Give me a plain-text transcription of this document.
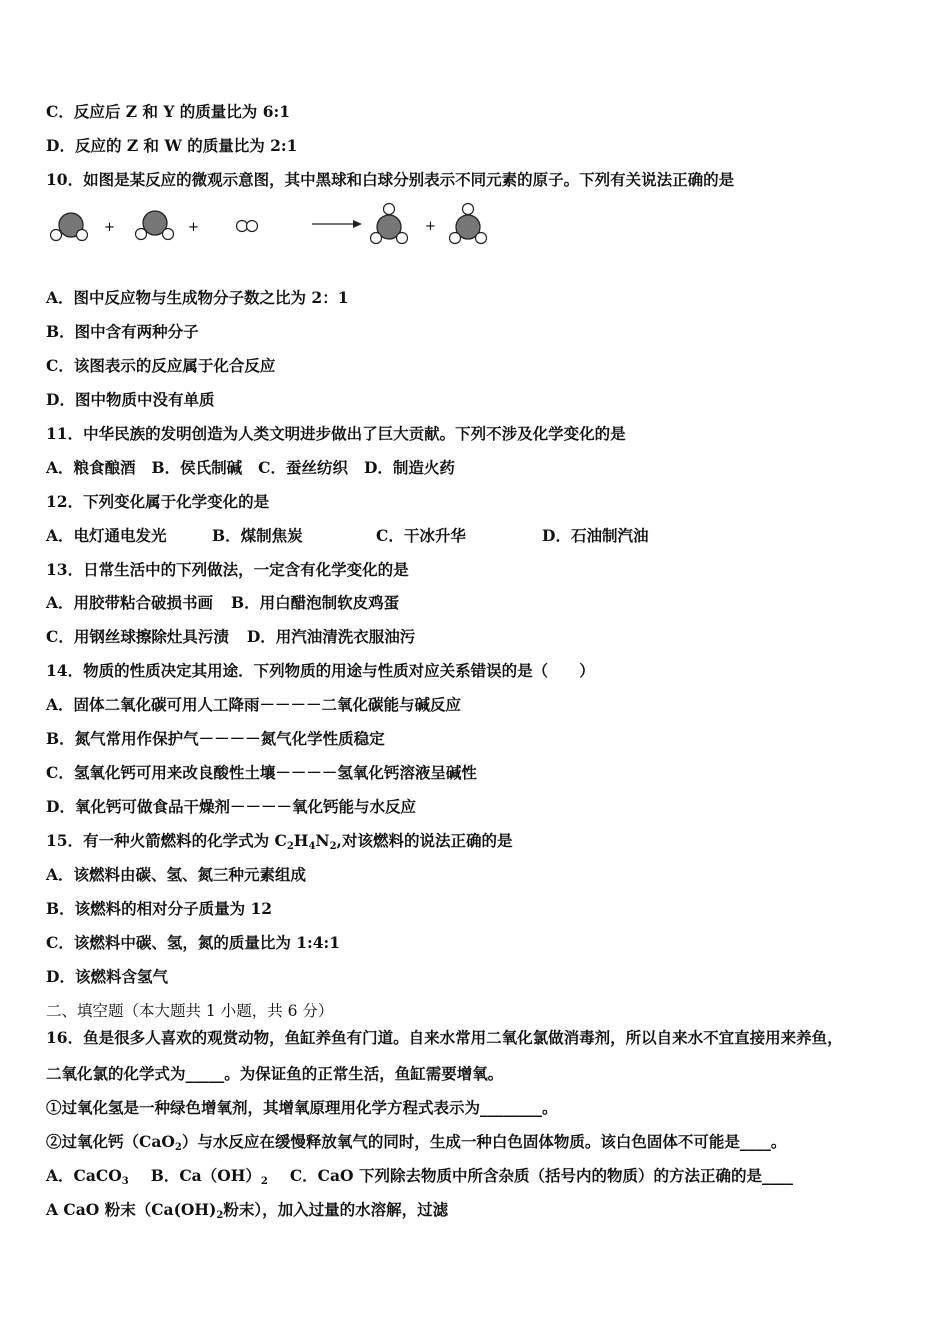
C．反应后 Z 和 Y 的质量比为 6:1
D．反应的 Z 和 W 的质量比为 2:1
10．如图是某反应的微观示意图，其中黑球和白球分别表示不同元素的原子。下列有关说法正确的是
+	+	+
A．图中反应物与生成物分子数之比为 2：1
B．图中含有两种分子
C．该图表示的反应属于化合反应
D．图中物质中没有单质
11．中华民族的发明创造为人类文明进步做出了巨大贡献。下列不涉及化学变化的是
A．粮食酿酒 B．侯氏制碱 C．蚕丝纺织 D．制造火药
12．下列变化属于化学变化的是
A．电灯通电发光	B．煤制焦炭	C．干冰升华	D．石油制汽油
13．日常生活中的下列做法，一定含有化学变化的是
A．用胶带粘合破损书画 B．用白醋泡制软皮鸡蛋
C．用钢丝球擦除灶具污渍 D．用汽油清洗衣服油污
14．物质的性质决定其用途．下列物质的用途与性质对应关系错误的是（　　）
A．固体二氧化碳可用人工降雨－－－－二氧化碳能与碱反应
B．氮气常用作保护气－－－－氮气化学性质稳定
C．氢氧化钙可用来改良酸性土壤－－－－氢氧化钙溶液呈碱性
D．氧化钙可做食品干燥剂－－－－氧化钙能与水反应
15．有一种火箭燃料的化学式为 $C_2H_4N_2$,对该燃料的说法正确的是
A．该燃料由碳、氢、氮三种元素组成
B．该燃料的相对分子质量为 12
C．该燃料中碳、氢，氮的质量比为 1:4:1
D．该燃料含氢气
二、填空题（本大题共 1 小题，共 6 分）
16．鱼是很多人喜欢的观赏动物，鱼缸养鱼有门道。自来水常用二氧化氯做消毒剂，所以自来水不宜直接用来养鱼，
二氧化氯的化学式为_____。为保证鱼的正常生活，鱼缸需要增氧。
①过氧化氢是一种绿色增氧剂，其增氧原理用化学方程式表示为________。
②过氧化钙（CaO$_2$）与水反应在缓慢释放氧气的同时，生成一种白色固体物质。该白色固体不可能是____。
A．CaCO$_3$ B．$Ca(OH)_2$ C．CaO 下列除去物质中所含杂质（括号内的物质）的方法正确的是____
A CaO 粉末（$Ca(OH)_2$粉末），加入过量的水溶解，过滤
